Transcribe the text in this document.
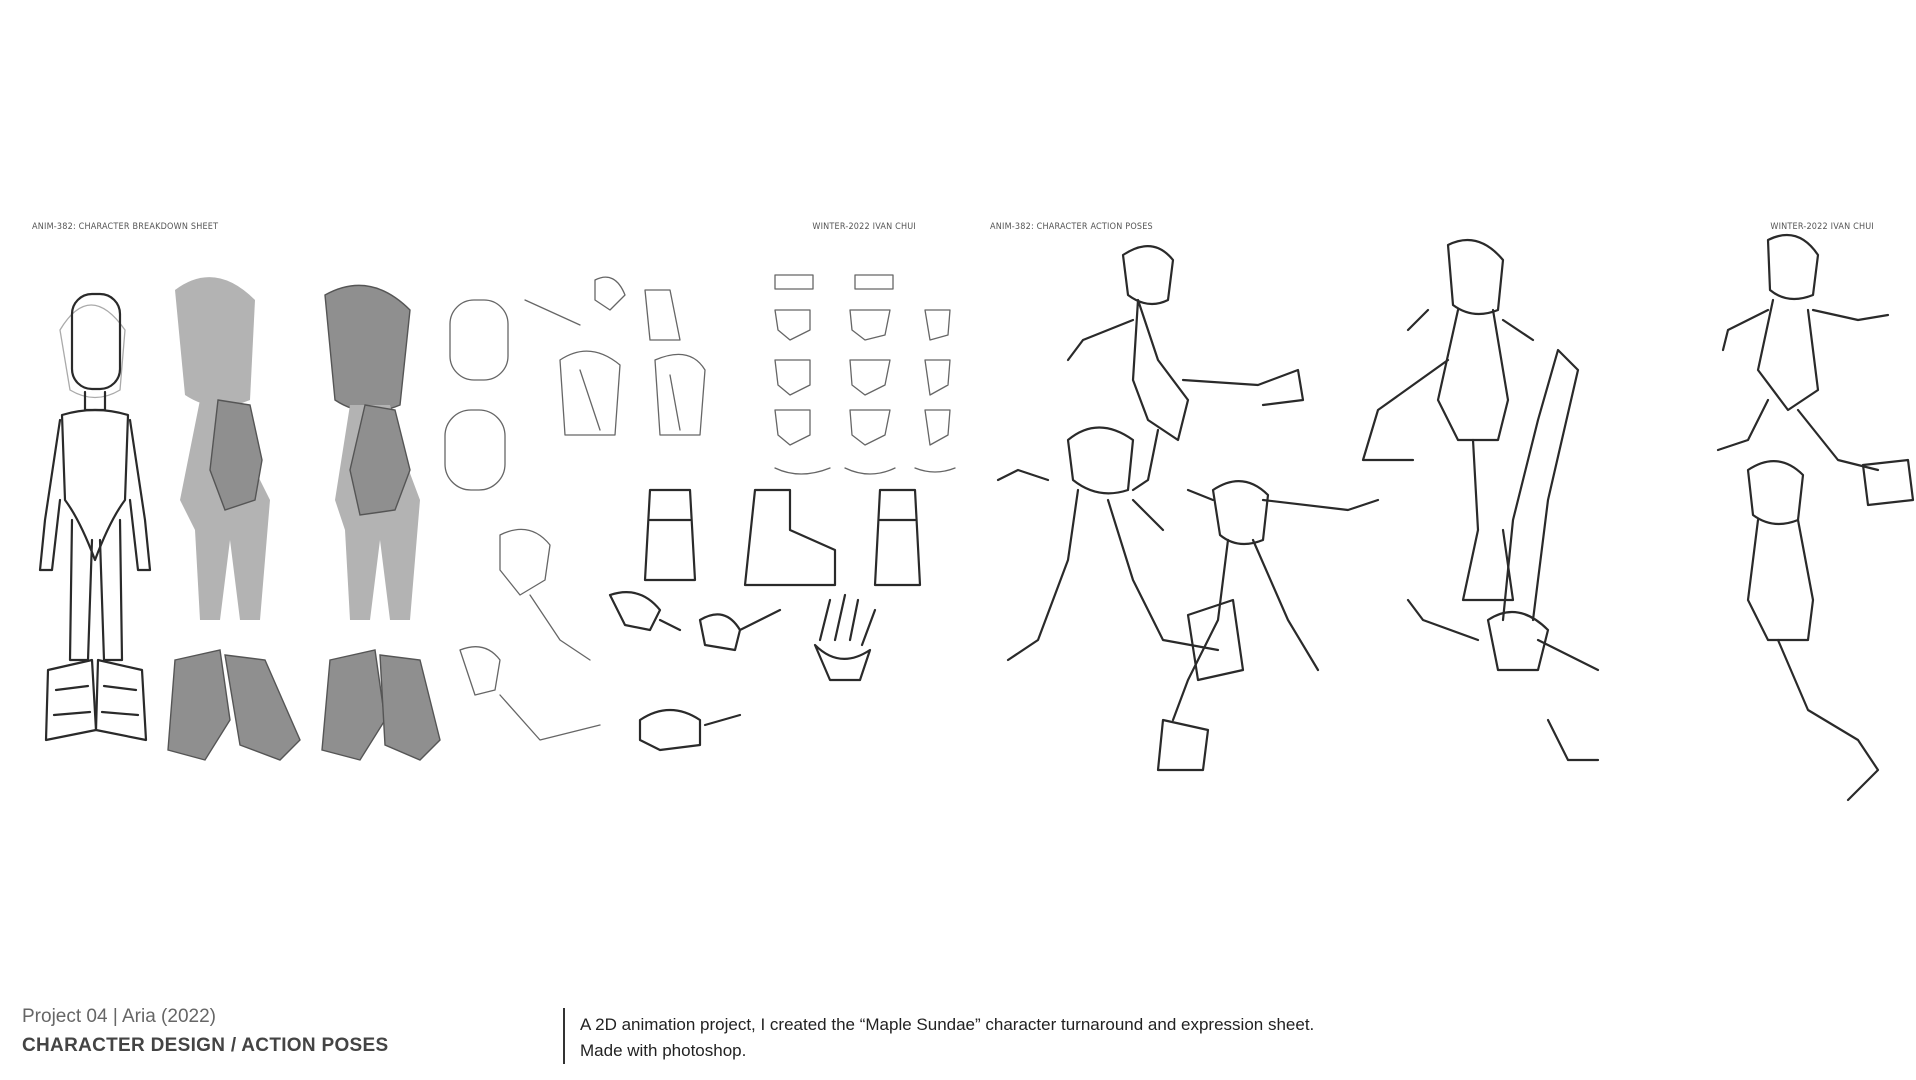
ANIM-382: CHARACTER BREAKDOWN SHEET	WINTER-2022 IVAN CHUI	ANIM-382: CHARACTER ACTION POSES	WINTER-2022 IVAN CHUI
Project 04 | Aria (2022)
CHARACTER DESIGN / ACTION POSES
A 2D animation project, I created the “Maple Sundae” character turnaround and expression sheet.
Made with photoshop.
